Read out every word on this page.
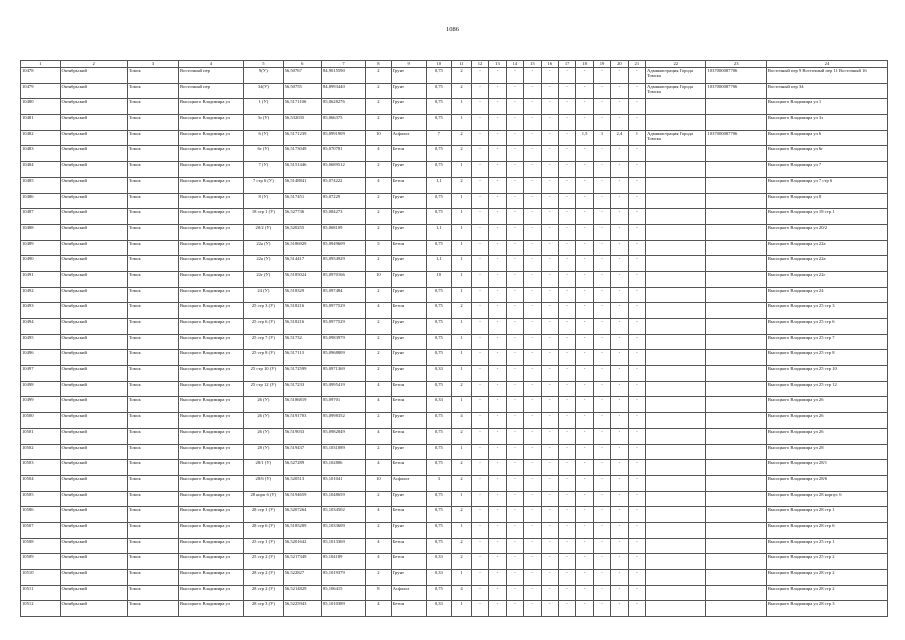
1086
1	2	3	4	5	6	7	8	9	10	11	12	13	14	15	16	17	18	19	20	21	22	23	24
10478	Октябрьский	Томск	Восточный пер	9(У)	56,50767	84,9015590	2	Грунт	0,75	2	-	-	-	-	-	-	-	-	-	-	Администрация Города Томска	1037000087706	Восточный пер 9 Восточный пер 11 Восточный 16
10479	Октябрьский	Томск	Восточный пер	34(У)	56,50755	84,8993440	2	Грунт	0,75	2	-	-	-	-	-	-	-	-	-	-	Администрация Города Томска	1037000087706	Восточный пер 34
10480	Октябрьский	Томск	Высоцкого Владимира ул	1 (У)	56,5171106	85,0628276	2	Грунт	0,75	1	-	-	-	-	-	-	-	-	-	-			Высоцкого Владимира ул 1
10481	Октябрьский	Томск	Высоцкого Владимира ул	3з (У)	56,532035	85,066375	2	Грунт	0,75	1	-	-	-	-	-	-	-	-	-	-			Высоцкого Владимира ул 3з
10482	Октябрьский	Томск	Высоцкого Владимира ул	6 (У)	56,5171239	85,0991909	10	Асфальт	7	2	-	-	-	-	-	-	1,5	1	2,4	1	Администрация Города Томска	1037000087706	Высоцкого Владимира ул 6
10483	Октябрьский	Томск	Высоцкого Владимира ул	6г (У)	56,5173049	85,070781	4	Бетон	0,75	2	-	-	-	-	-	-	-	-	-	-			Высоцкого Владимира ул 6г
10484	Октябрьский	Томск	Высоцкого Владимира ул	7 (У)	56,5151446	85,0689512	2	Грунт	0,75	1	-	-	-	-	-	-	-	-	-	-			Высоцкого Владимира ул 7
10485	Октябрьский	Томск	Высоцкого Владимира ул	7 стр 6 (У)	56,5148841	85,074222	4	Бетон	1,1	2	-	-	-	-	-	-	-	-	-	-			Высоцкого Владимира ул 7 стр 6
10486	Октябрьский	Томск	Высоцкого Владимира ул	8 (У)	56,517451	85,07229	2	Грунт	0,75	1	-	-	-	-	-	-	-	-	-	-			Высоцкого Владимира ул 8
10487	Октябрьский	Томск	Высоцкого Владимира ул	18 стр 1 (У)	56,527736	85,084273	2	Грунт	0,75	1	-	-	-	-	-	-	-	-	-	-			Высоцкого Владимира ул 18 стр 1
10488	Октябрьский	Томск	Высоцкого Владимира ул	20/2 (У)	56,520255	85,068109	2	Грунт	1,1	1	-	-	-	-	-	-	-	-	-	-			Высоцкого Владимира ул 20/2
10489	Октябрьский	Томск	Высоцкого Владимира ул	22а (У)	56,5186929	85,0949609	5	Бетон	0,75	1	-	-	-	-	-	-	-	-	-	-			Высоцкого Владимира ул 22а
10490	Октябрьский	Томск	Высоцкого Владимира ул	22а (У)	56,514417	85,0954929	2	Грунт	1,1	1	-	-	-	-	-	-	-	-	-	-			Высоцкого Владимира ул 22а
10491	Октябрьский	Томск	Высоцкого Владимира ул	22г (У)	56,5185024	85,0970166	10	Грунт	10	1	-	-	-	-	-	-	-	-	-	-			Высоцкого Владимира ул 22г
10492	Октябрьский	Томск	Высоцкого Владимира ул	24 (У)	56,518329	85,097484	2	Грунт	0,75	1	-	-	-	-	-	-	-	-	-	-			Высоцкого Владимира ул 24
10493	Октябрьский	Томск	Высоцкого Владимира ул	25 стр 3 (У)	56,518216	85,0977529	4	Бетон	0,75	2	-	-	-	-	-	-	-	-	-	-			Высоцкого Владимира ул 25 стр 3
10494	Октябрьский	Томск	Высоцкого Владимира ул	25 стр 6 (У)	56,518216	85,0977529	2	Грунт	0,75	1	-	-	-	-	-	-	-	-	-	-			Высоцкого Владимира ул 25 стр 6
10495	Октябрьский	Томск	Высоцкого Владимира ул	25 стр 7 (У)	56,51732	85,0983979	2	Грунт	0,75	1	-	-	-	-	-	-	-	-	-	-			Высоцкого Владимира ул 25 стр 7
10496	Октябрьский	Томск	Высоцкого Владимира ул	25 стр 8 (У)	56,517113	85,0968809	2	Грунт	0,75	1	-	-	-	-	-	-	-	-	-	-			Высоцкого Владимира ул 25 стр 8
10497	Октябрьский	Томск	Высоцкого Владимира ул	25 стр 10 (У)	56,5172599	85,0971369	2	Грунт	0,33	1	-	-	-	-	-	-	-	-	-	-			Высоцкого Владимира ул 25 стр 10
10498	Октябрьский	Томск	Высоцкого Владимира ул	25 стр 12 (У)	56,517233	85,0995419	4	Бетон	0,75	2	-	-	-	-	-	-	-	-	-	-			Высоцкого Владимира ул 25 стр 12
10499	Октябрьский	Томск	Высоцкого Владимира ул	26 (У)	56,5186819	85,09701	4	Бетон	0,33	1	-	-	-	-	-	-	-	-	-	-			Высоцкого Владимира ул 26
10500	Октябрьский	Томск	Высоцкого Владимира ул	26 (У)	56,5191703	85,0998352	2	Грунт	0,75	4	-	-	-	-	-	-	-	-	-	-			Высоцкого Владимира ул 26
10501	Октябрьский	Томск	Высоцкого Владимира ул	26 (У)	56,519033	85,0982849	4	Бетон	0,75	2	-	-	-	-	-	-	-	-	-	-			Высоцкого Владимира ул 26
10502	Октябрьский	Томск	Высоцкого Владимира ул	28 (У)	56,519437	85,1031089	2	Грунт	0,75	1	-	-	-	-	-	-	-	-	-	-			Высоцкого Владимира ул 28
10503	Октябрьский	Томск	Высоцкого Владимира ул	28/1 (У)	56,527289	85,102806	4	Бетон	0,75	2	-	-	-	-	-	-	-	-	-	-			Высоцкого Владимира ул 28/1
10504	Октябрьский	Томск	Высоцкого Владимира ул	28/6 (У)	56,520513	85,101041	10	Асфальт	3	2	-	-	-	-	-	-	-	-	-	-			Высоцкого Владимира ул 28/6
10505	Октябрьский	Томск	Высоцкого Владимира ул	28 корп 6 (У)	56,5194659	85,1048659	2	Грунт	0,75	1	-	-	-	-	-	-	-	-	-	-			Высоцкого Владимира ул 28 корпус 6
10506	Октябрьский	Томск	Высоцкого Владимира ул	28 стр 1 (У)	56,5207264	85,1034502	4	Бетон	0,75	2	-	-	-	-	-	-	-	-	-	-			Высоцкого Владимира ул 28 стр 1
10507	Октябрьский	Томск	Высоцкого Владимира ул	28 стр 6 (У)	56,5185209	85,1033609	2	Грунт	0,75	1	-	-	-	-	-	-	-	-	-	-			Высоцкого Владимира ул 28 стр 6
10508	Октябрьский	Томск	Высоцкого Владимира ул	25 стр 1 (У)	56,5201642	85,1013369	4	Бетон	0,75	2	-	-	-	-	-	-	-	-	-	-			Высоцкого Владимира ул 25 стр 1
10509	Октябрьский	Томск	Высоцкого Владимира ул	25 стр 2 (У)	56,5217349	85,104189	4	Бетон	0,33	2	-	-	-	-	-	-	-	-	-	-			Высоцкого Владимира ул 25 стр 2
10510	Октябрьский	Томск	Высоцкого Владимира ул	28 стр 2 (У)	56,522827	85,1019379	2	Грунт	0,33	1	-	-	-	-	-	-	-	-	-	-			Высоцкого Владимира ул 28 стр 2
10511	Октябрьский	Томск	Высоцкого Владимира ул	28 стр 2 (У)	56,5214829	85,106415	8	Асфальт	0,75	4	-	-	-	-	-	-	-	-	-	-			Высоцкого Владимира ул 28 стр 2
10512	Октябрьский	Томск	Высоцкого Владимира ул	28 стр 3 (У)	56,5225943	85,1010389	4	Бетон	0,33	1	-	-	-	-	-	-	-	-	-	-			Высоцкого Владимира ул 28 стр 3
